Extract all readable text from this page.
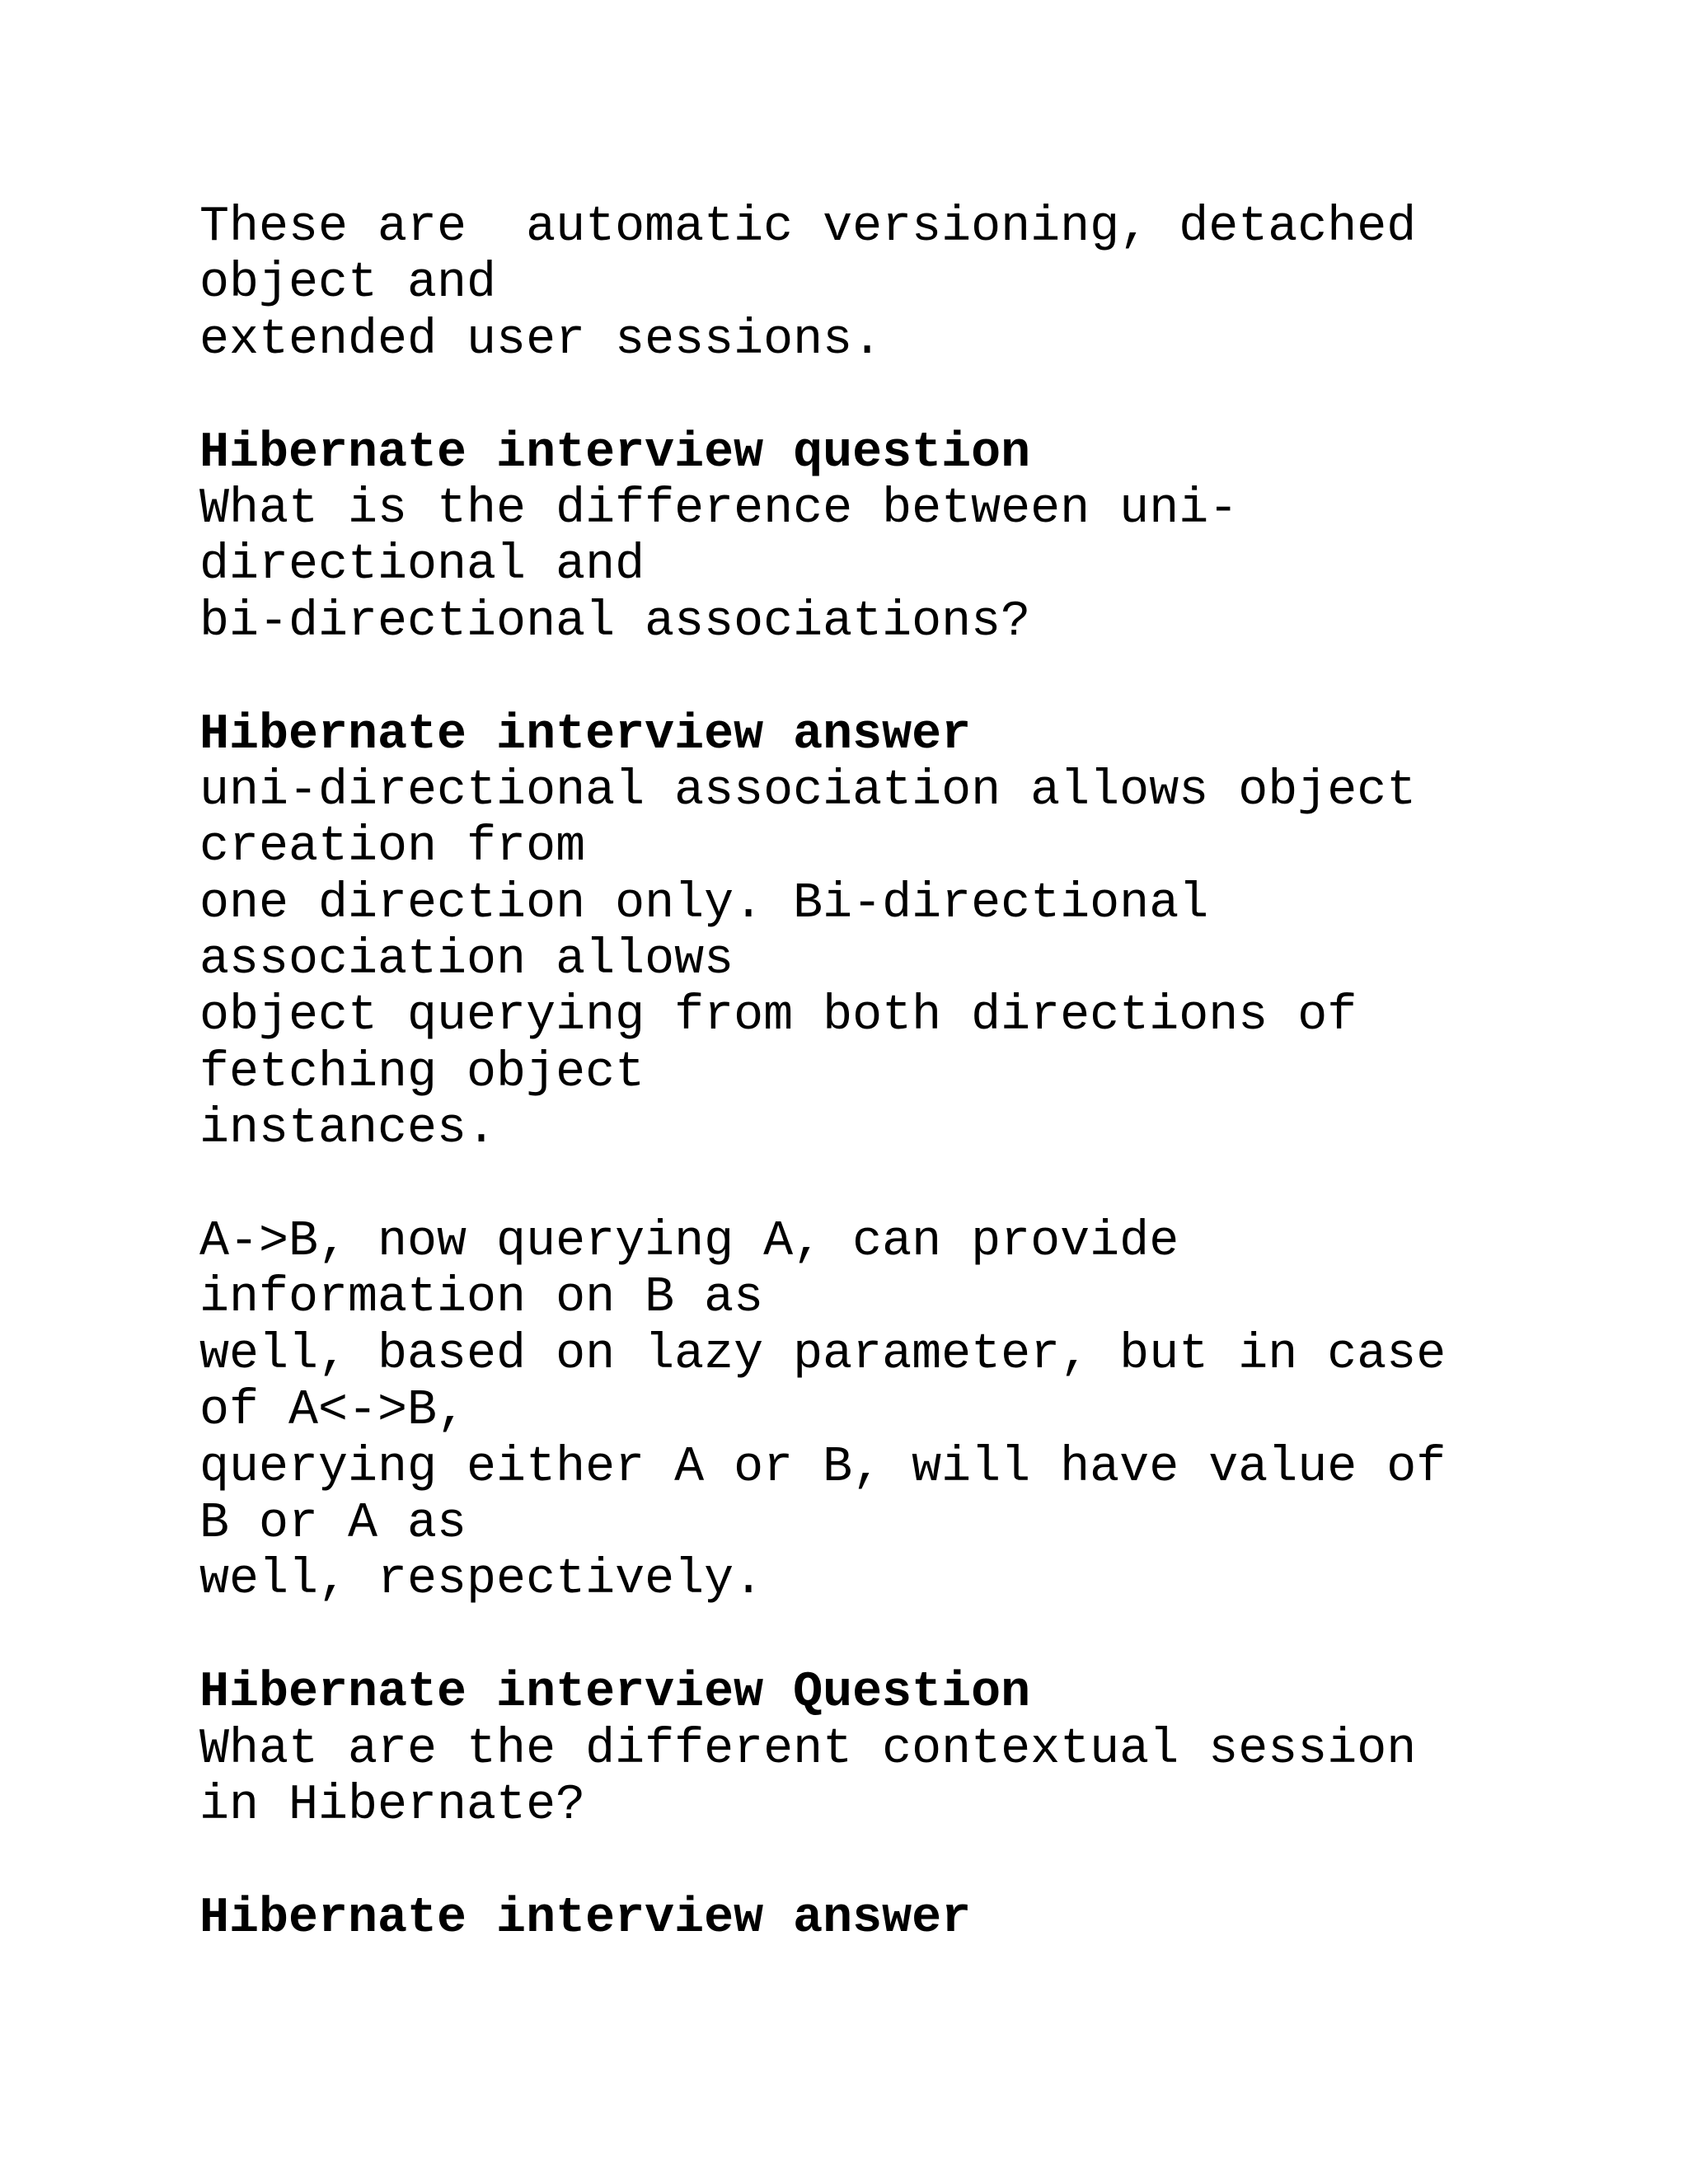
These are  automatic versioning, detached
object and
extended user sessions.
Hibernate interview question
What is the difference between uni-
directional and
bi-directional associations?
Hibernate interview answer
uni-directional association allows object
creation from
one direction only. Bi-directional
association allows
object querying from both directions of
fetching object
instances.
A->B, now querying A, can provide
information on B as
well, based on lazy parameter, but in case
of A<->B,
querying either A or B, will have value of
B or A as
well, respectively.
Hibernate interview Question
What are the different contextual session
in Hibernate?
Hibernate interview answer
